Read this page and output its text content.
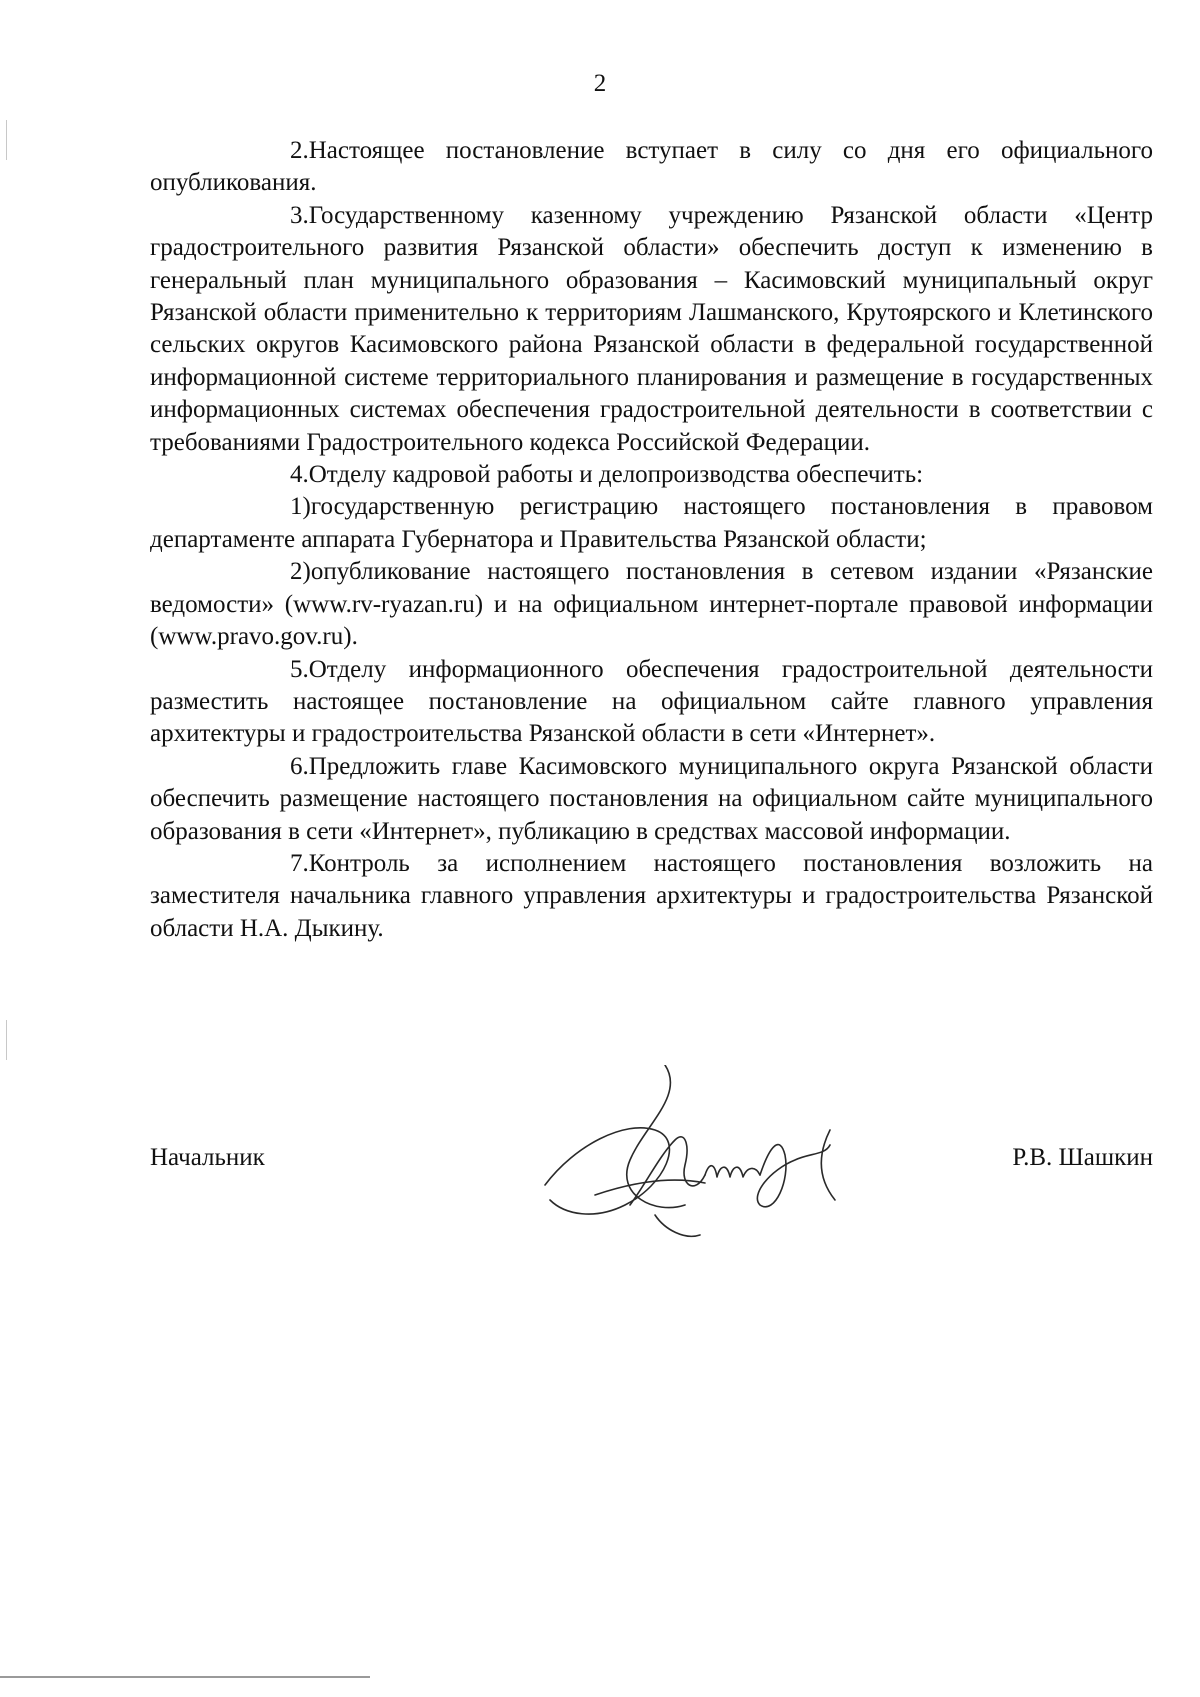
2

2.Настоящее постановление вступает в силу со дня его официального опубликования.

3.Государственному казенному учреждению Рязанской области «Центр градостроительного развития Рязанской области» обеспечить доступ к изменению в генеральный план муниципального образования – Касимовский муниципальный округ Рязанской области применительно к территориям Лашманского, Крутоярского и Клетинского сельских округов Касимовского района Рязанской области в федеральной государственной информационной системе территориального планирования и размещение в государственных информационных системах обеспечения градостроительной деятельности в соответствии с требованиями Градостроительного кодекса Российской Федерации.

4.Отделу кадровой работы и делопроизводства обеспечить:

1)государственную регистрацию настоящего постановления в правовом департаменте аппарата Губернатора и Правительства Рязанской области;

2)опубликование настоящего постановления в сетевом издании «Рязанские ведомости» (www.rv-ryazan.ru) и на официальном интернет-портале правовой информации (www.pravo.gov.ru).

5.Отделу информационного обеспечения градостроительной деятельности разместить настоящее постановление на официальном сайте главного управления архитектуры и градостроительства Рязанской области в сети «Интернет».

6.Предложить главе Касимовского муниципального округа Рязанской области обеспечить размещение настоящего постановления на официальном сайте муниципального образования в сети «Интернет», публикацию в средствах массовой информации.

7.Контроль за исполнением настоящего постановления возложить на заместителя начальника главного управления архитектуры и градостроительства Рязанской области Н.А. Дыкину.

Начальник	Р.В. Шашкин
